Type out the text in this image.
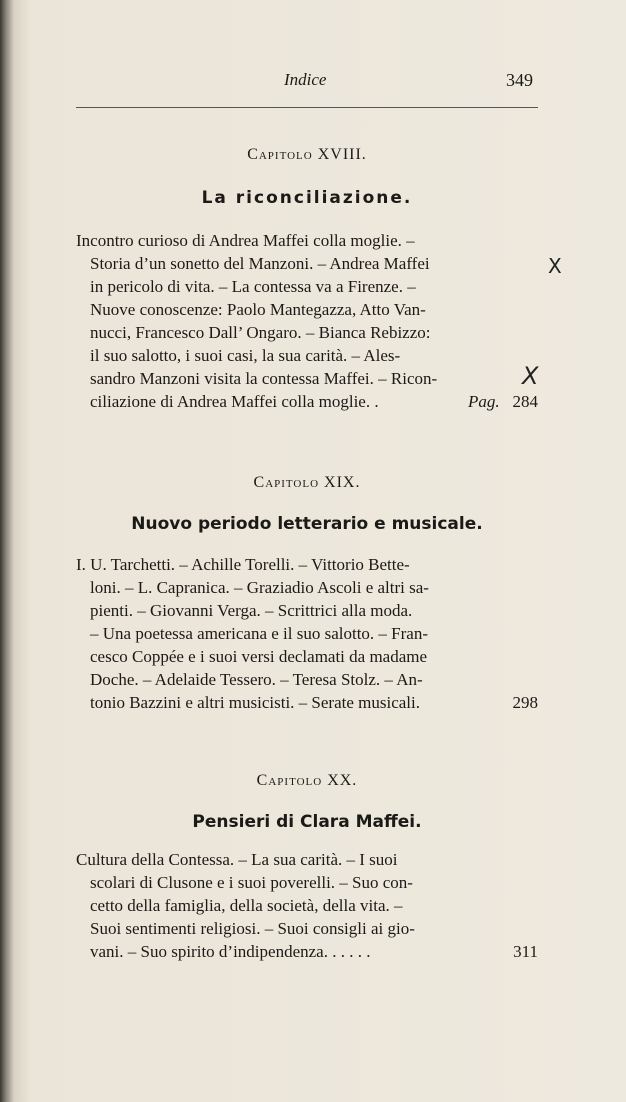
Indice	349
Capitolo XVIII.
La riconciliazione.
Incontro curioso di Andrea Maffei colla moglie. –
Storia d’un sonetto del Manzoni. – Andrea Maffei
in pericolo di vita. – La contessa va a Firenze. –
Nuove conoscenze: Paolo Mantegazza, Atto Van-
nucci, Francesco Dall’ Ongaro. – Bianca Rebizzo:
il suo salotto, i suoi casi, la sua carità. – Ales-
sandro Manzoni visita la contessa Maffei. – Ricon-
ciliazione di Andrea Maffei colla moglie. .	Pag. 284
Capitolo XIX.
Nuovo periodo letterario e musicale.
I. U. Tarchetti. – Achille Torelli. – Vittorio Bette-
loni. – L. Capranica. – Graziadio Ascoli e altri sa-
pienti. – Giovanni Verga. – Scrittrici alla moda.
– Una poetessa americana e il suo salotto. – Fran-
cesco Coppée e i suoi versi declamati da madame
Doche. – Adelaide Tessero. – Teresa Stolz. – An-
tonio Bazzini e altri musicisti. – Serate musicali.	298
Capitolo XX.
Pensieri di Clara Maffei.
Cultura della Contessa. – La sua carità. – I suoi
scolari di Clusone e i suoi poverelli. – Suo con-
cetto della famiglia, della società, della vita. –
Suoi sentimenti religiosi. – Suoi consigli ai gio-
vani. – Suo spirito d’indipendenza. . . . . .	311
X
X
